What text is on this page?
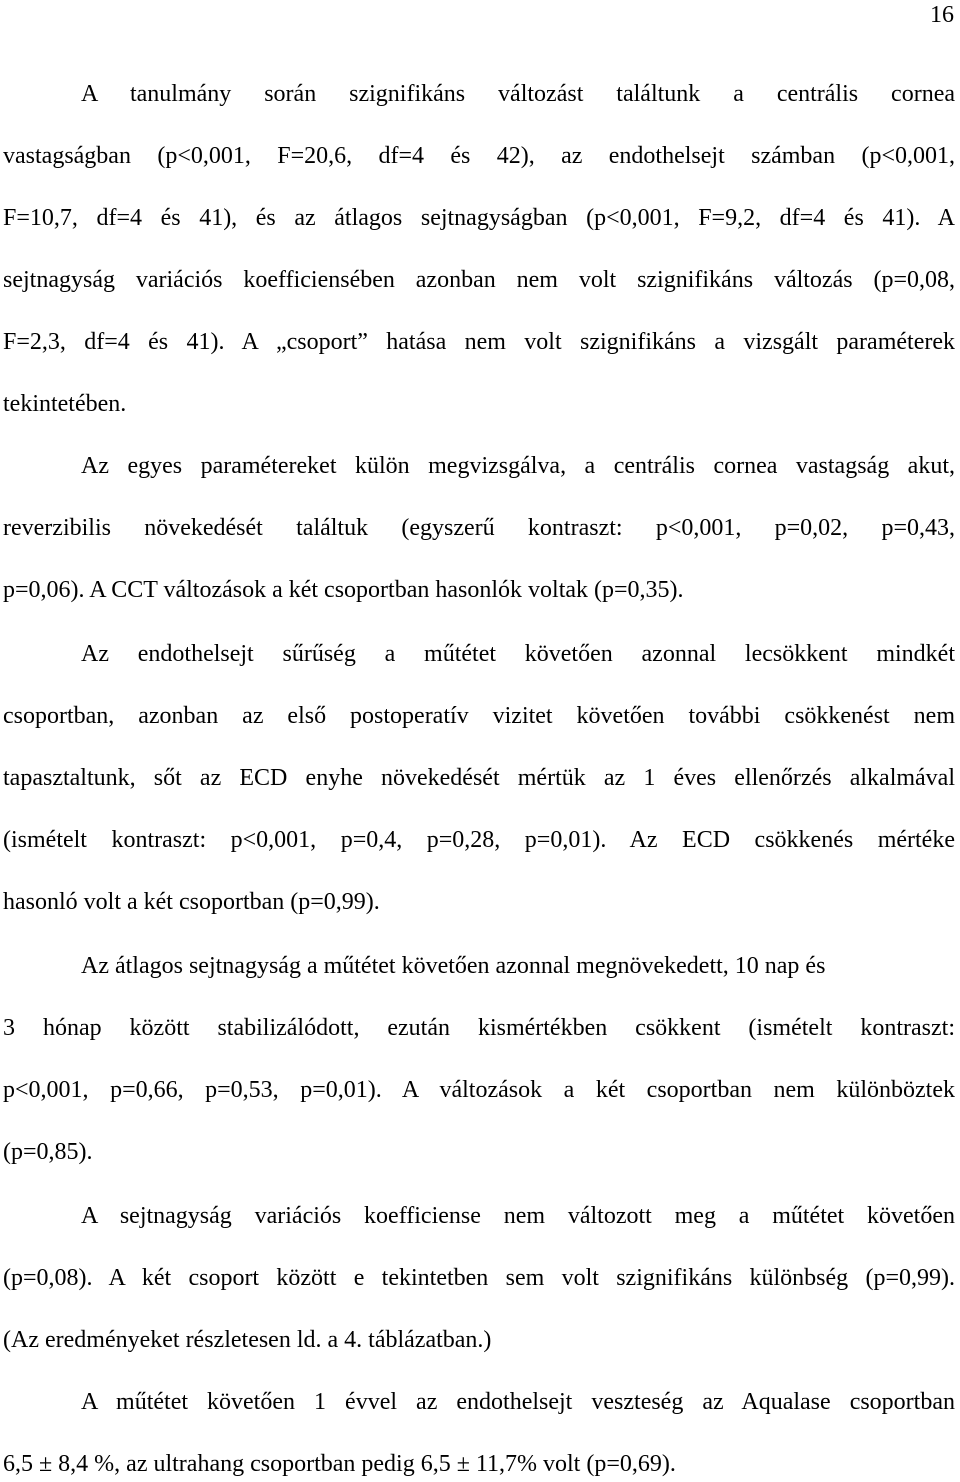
16
A tanulmány során szignifikáns változást találtunk a centrális cornea
vastagságban (p<0,001, F=20,6, df=4 és 42), az endothelsejt számban (p<0,001,
F=10,7, df=4 és 41), és az átlagos sejtnagyságban (p<0,001, F=9,2, df=4 és 41). A
sejtnagyság variációs koefficiensében azonban nem volt szignifikáns változás (p=0,08,
F=2,3, df=4 és 41). A „csoport” hatása nem volt szignifikáns a vizsgált paraméterek
tekintetében.
Az egyes paramétereket külön megvizsgálva, a centrális cornea vastagság akut,
reverzibilis növekedését találtuk (egyszerű kontraszt: p<0,001, p=0,02, p=0,43,
p=0,06). A CCT változások a két csoportban hasonlók voltak (p=0,35).
Az endothelsejt sűrűség a műtétet követően azonnal lecsökkent mindkét
csoportban, azonban az első postoperatív vizitet követően további csökkenést nem
tapasztaltunk, sőt az ECD enyhe növekedését mértük az 1 éves ellenőrzés alkalmával
(ismételt kontraszt: p<0,001, p=0,4, p=0,28, p=0,01). Az ECD csökkenés mértéke
hasonló volt a két csoportban (p=0,99).
Az átlagos sejtnagyság a műtétet követően azonnal megnövekedett, 10 nap és
3 hónap között stabilizálódott, ezután kismértékben csökkent (ismételt kontraszt:
p<0,001, p=0,66, p=0,53, p=0,01). A változások a két csoportban nem különböztek
(p=0,85).
A sejtnagyság variációs koefficiense nem változott meg a műtétet követően
(p=0,08). A két csoport között e tekintetben sem volt szignifikáns különbség (p=0,99).
(Az eredményeket részletesen ld. a 4. táblázatban.)
A műtétet követően 1 évvel az endothelsejt veszteség az Aqualase csoportban
6,5 ± 8,4 %, az ultrahang csoportban pedig 6,5 ± 11,7% volt (p=0,69).
